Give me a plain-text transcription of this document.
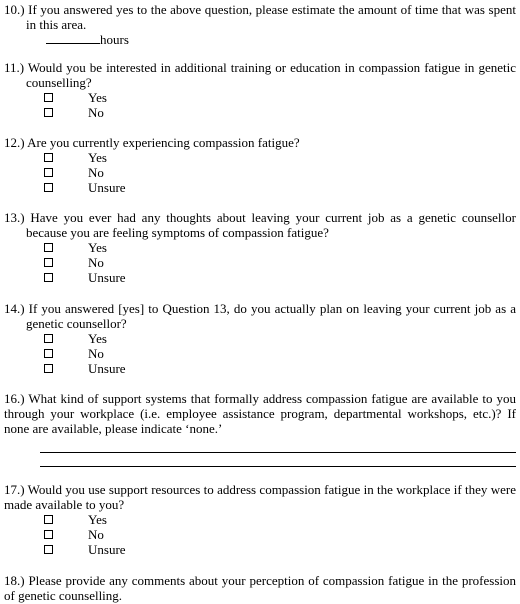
10.) If you answered yes to the above question, please estimate the amount of time that was spent in this area.

hours

11.) Would you be interested in additional training or education in compassion fatigue in genetic counselling?

Yes
No

12.) Are you currently experiencing compassion fatigue?

Yes
No
Unsure

13.) Have you ever had any thoughts about leaving your current job as a genetic counsellor because you are feeling symptoms of compassion fatigue?

Yes
No
Unsure

14.) If you answered [yes] to Question 13, do you actually plan on leaving your current job as a genetic counsellor?

Yes
No
Unsure

16.) What kind of support systems that formally address compassion fatigue are available to you through your workplace (i.e. employee assistance program, departmental workshops, etc.)? If none are available, please indicate ‘none.’

17.) Would you use support resources to address compassion fatigue in the workplace if they were made available to you?

Yes
No
Unsure

18.) Please provide any comments about your perception of compassion fatigue in the profession of genetic counselling.
